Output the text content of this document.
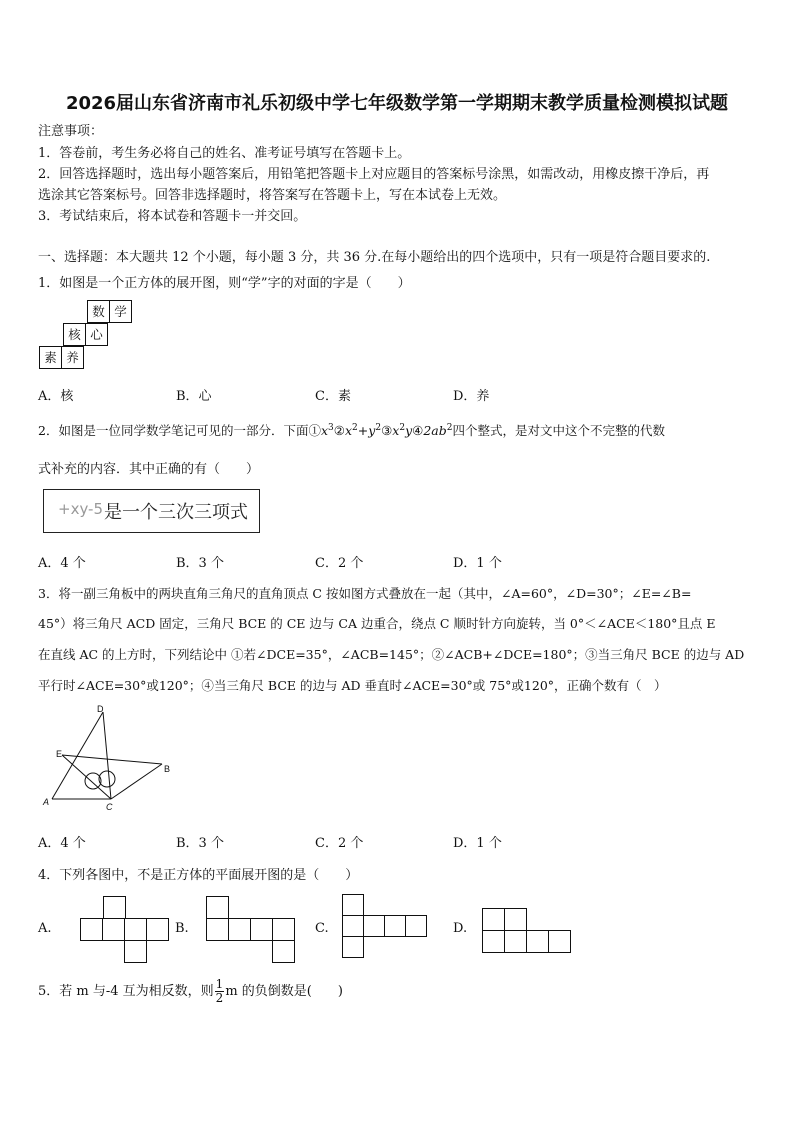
2026届山东省济南市礼乐初级中学七年级数学第一学期期末教学质量检测模拟试题
注意事项：
1．答卷前，考生务必将自己的姓名、准考证号填写在答题卡上。
2．回答选择题时，选出每小题答案后，用铅笔把答题卡上对应题目的答案标号涂黑，如需改动，用橡皮擦干净后，再
选涂其它答案标号。回答非选择题时，将答案写在答题卡上，写在本试卷上无效。
3．考试结束后，将本试卷和答题卡一并交回。
一、选择题：本大题共 12 个小题，每小题 3 分，共 36 分.在每小题给出的四个选项中，只有一项是符合题目要求的.
1．如图是一个正方体的展开图，则“学”字的对面的字是（　　）
数 学
核 心
素 养
A．核	B．心	C．素	D．养
2．如图是一位同学数学笔记可见的一部分．下面$①x^3②x^2+y^2③x^2y④2ab^2$四个整式，是对文中这个不完整的代数
式补充的内容．其中正确的有（　　）
+xy-5 是一个三次三项式
A．4 个	B．3 个	C．2 个	D．1 个
3．将一副三角板中的两块直角三角尺的直角顶点 C 按如图方式叠放在一起（其中，∠A=60°，∠D=30°；∠E=∠B=
45°）将三角尺 ACD 固定，三角尺 BCE 的 CE 边与 CA 边重合，绕点 C 顺时针方向旋转，当 0°＜∠ACE＜180°且点 E
在直线 AC 的上方时，下列结论中 ①若∠DCE=35°，∠ACB=145°；②∠ACB+∠DCE=180°；③当三角尺 BCE 的边与 AD
平行时∠ACE=30°或120°；④当三角尺 BCE 的边与 AD 垂直时∠ACE=30°或 75°或120°，正确个数有（　）
D
E
B
A	C
A．4 个	B．3 个	C．2 个	D．1 个
4．下列各图中，不是正方体的平面展开图的是（　　）
A.	B.	C.	D.
5．若 m 与-4 互为相反数，则 $\frac{1}{2}$ m 的负倒数是(　　)
